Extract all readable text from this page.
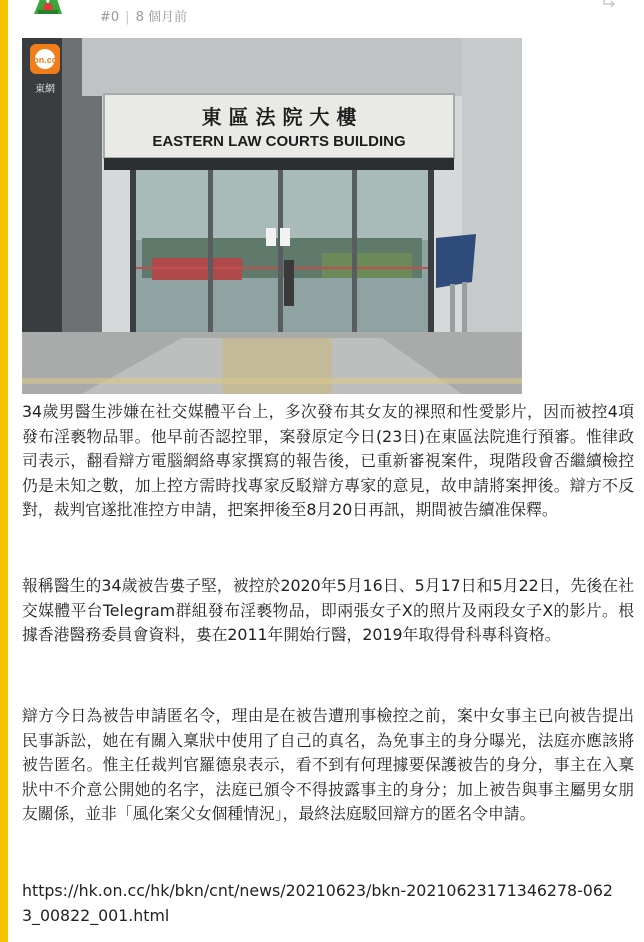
#0 | 8 個月前
東 區 法 院 大 樓
EASTERN LAW COURTS BUILDING
on.cc
東網

34歲男醫生涉嫌在社交媒體平台上，多次發布其女友的裸照和性愛影片，因而被控4項發布淫褻物品罪。他早前否認控罪，案發原定今日(23日)在東區法院進行預審。惟律政司表示，翻看辯方電腦網絡專家撰寫的報告後，已重新審視案件，現階段會否繼續檢控仍是未知之數，加上控方需時找專家反駁辯方專家的意見，故申請將案押後。辯方不反對，裁判官遂批准控方申請，把案押後至8月20日再訊，期間被告續准保釋。

報稱醫生的34歲被告婁子堅，被控於2020年5月16日、5月17日和5月22日，先後在社交媒體平台Telegram群組發布淫褻物品，即兩張女子X的照片及兩段女子X的影片。根據香港醫務委員會資料，婁在2011年開始行醫，2019年取得骨科專科資格。

辯方今日為被告申請匿名令，理由是在被告遭刑事檢控之前，案中女事主已向被告提出民事訴訟，她在有關入稟狀中使用了自己的真名，為免事主的身分曝光，法庭亦應該將被告匿名。惟主任裁判官羅德泉表示，看不到有何理據要保護被告的身分，事主在入稟狀中不介意公開她的名字，法庭已頒令不得披露事主的身分；加上被告與事主屬男女朋友關係，並非「風化案父女個種情況」，最終法庭駁回辯方的匿名令申請。

https://hk.on.cc/hk/bkn/cnt/news/20210623/bkn-20210623171346278-0623_00822_001.html
